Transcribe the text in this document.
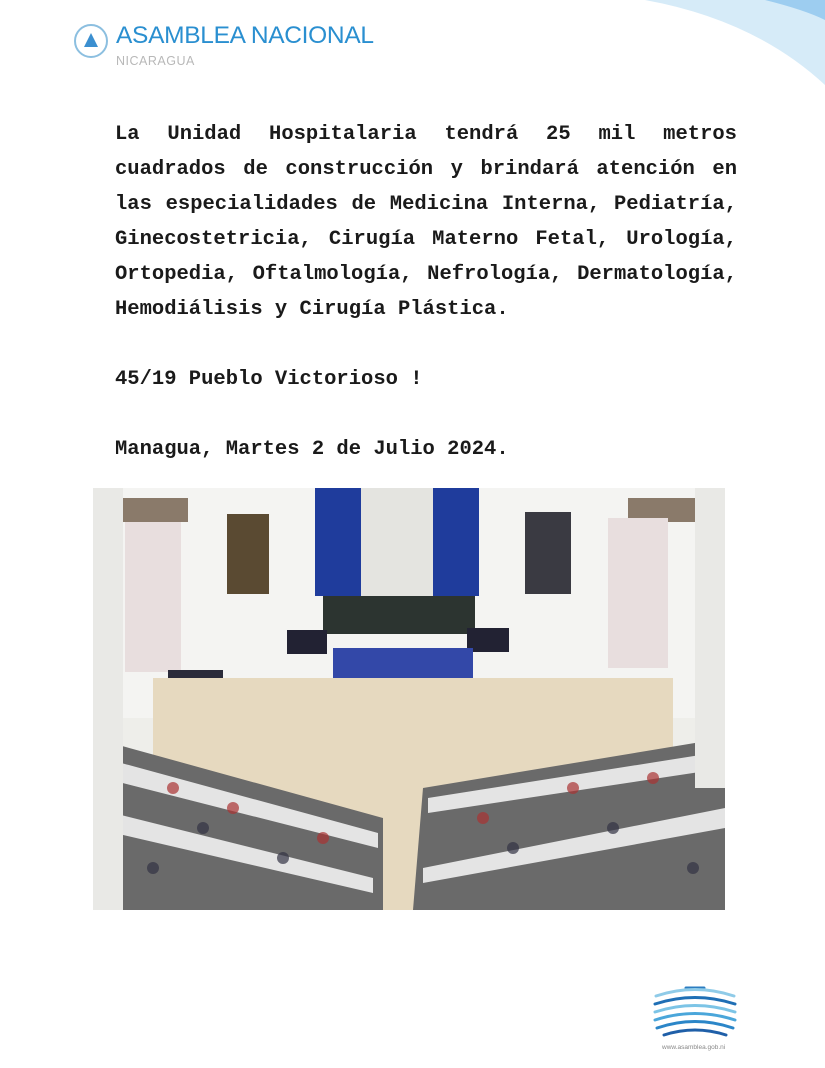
ASAMBLEA NACIONAL
NICARAGUA
La Unidad Hospitalaria tendrá 25 mil metros
cuadrados de construcción y brindará atención en
las especialidades de Medicina Interna, Pediatría,
Ginecostetricia, Cirugía Materno Fetal, Urología,
Ortopedia, Oftalmología, Nefrología, Dermatología,
Hemodiálisis y Cirugía Plástica.
45/19 Pueblo Victorioso !
Managua, Martes 2 de Julio 2024.
www.asamblea.gob.ni
